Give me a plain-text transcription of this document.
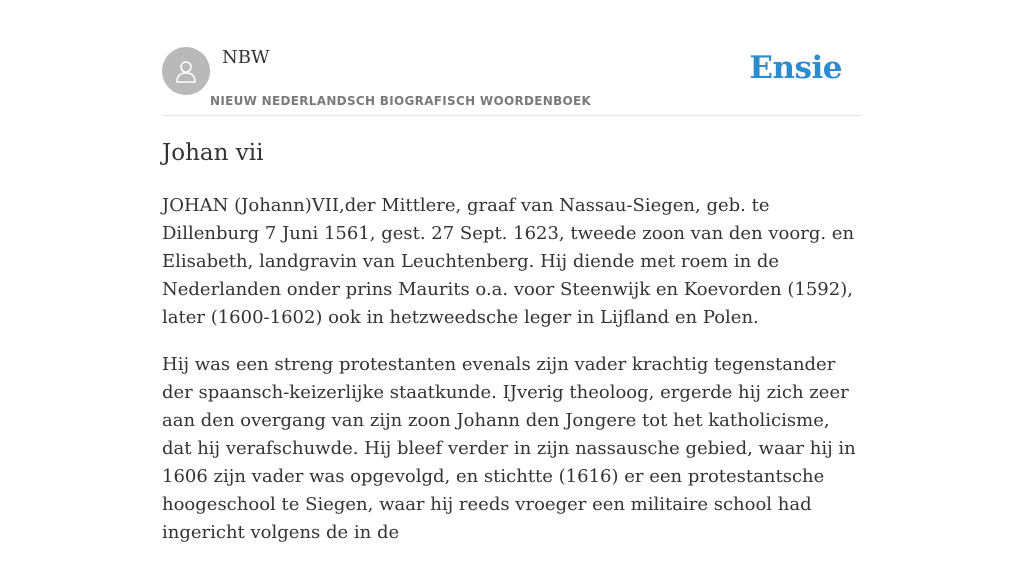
NBW
NIEUW NEDERLANDSCH BIOGRAFISCH WOORDENBOEK
Ensie
Johan vii

JOHAN (Johann)VII,der Mittlere, graaf van Nassau-Siegen, geb. te Dillenburg 7 Juni 1561, gest. 27 Sept. 1623, tweede zoon van den voorg. en Elisabeth, landgravin van Leuchtenberg. Hij diende met roem in de Nederlanden onder prins Maurits o.a. voor Steenwijk en Koevorden (1592), later (1600-1602) ook in hetzweedsche leger in Lijfland en Polen.

Hij was een streng protestanten evenals zijn vader krachtig tegenstander der spaansch-keizerlijke staatkunde. IJverig theoloog, ergerde hij zich zeer aan den overgang van zijn zoon Johann den Jongere tot het katholicisme, dat hij verafschuwde. Hij bleef verder in zijn nassausche gebied, waar hij in 1606 zijn vader was opgevolgd, en stichtte (1616) er een protestantsche hoogeschool te Siegen, waar hij reeds vroeger een militaire school had ingericht volgens de in de
